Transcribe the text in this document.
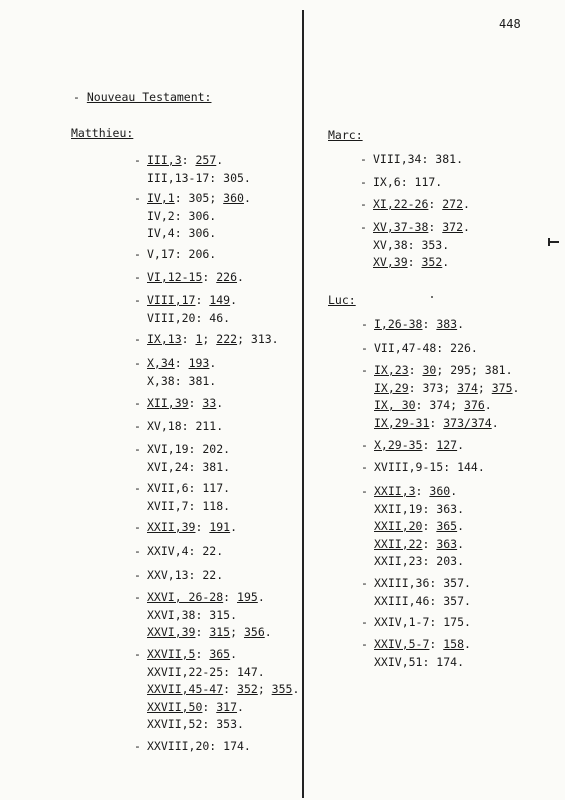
448
- Nouveau Testament:
Matthieu:
- III,3: 257.
III,13-17: 305.
- IV,1: 305; 360.
IV,2: 306.
IV,4: 306.
- V,17: 206.
- VI,12-15: 226.
- VIII,17: 149.
VIII,20: 46.
- IX,13: 1; 222; 313.
- X,34: 193.
X,38: 381.
- XII,39: 33.
- XV,18: 211.
- XVI,19: 202.
XVI,24: 381.
- XVII,6: 117.
XVII,7: 118.
- XXII,39: 191.
- XXIV,4: 22.
- XXV,13: 22.
- XXVI, 26-28: 195.
XXVI,38: 315.
XXVI,39: 315; 356.
- XXVII,5: 365.
XXVII,22-25: 147.
XXVII,45-47: 352; 355.
XXVII,50: 317.
XXVII,52: 353.
- XXVIII,20: 174.
Marc:
- VIII,34: 381.
- IX,6: 117.
- XI,22-26: 272.
- XV,37-38: 372.
XV,38: 353.
XV,39: 352.
Luc:
- I,26-38: 383.
- VII,47-48: 226.
- IX,23: 30; 295; 381.
IX,29: 373; 374; 375.
IX, 30: 374; 376.
IX,29-31: 373/374.
- X,29-35: 127.
- XVIII,9-15: 144.
- XXII,3: 360.
XXII,19: 363.
XXII,20: 365.
XXII,22: 363.
XXII,23: 203.
- XXIII,36: 357.
XXIII,46: 357.
- XXIV,1-7: 175.
- XXIV,5-7: 158.
XXIV,51: 174.
